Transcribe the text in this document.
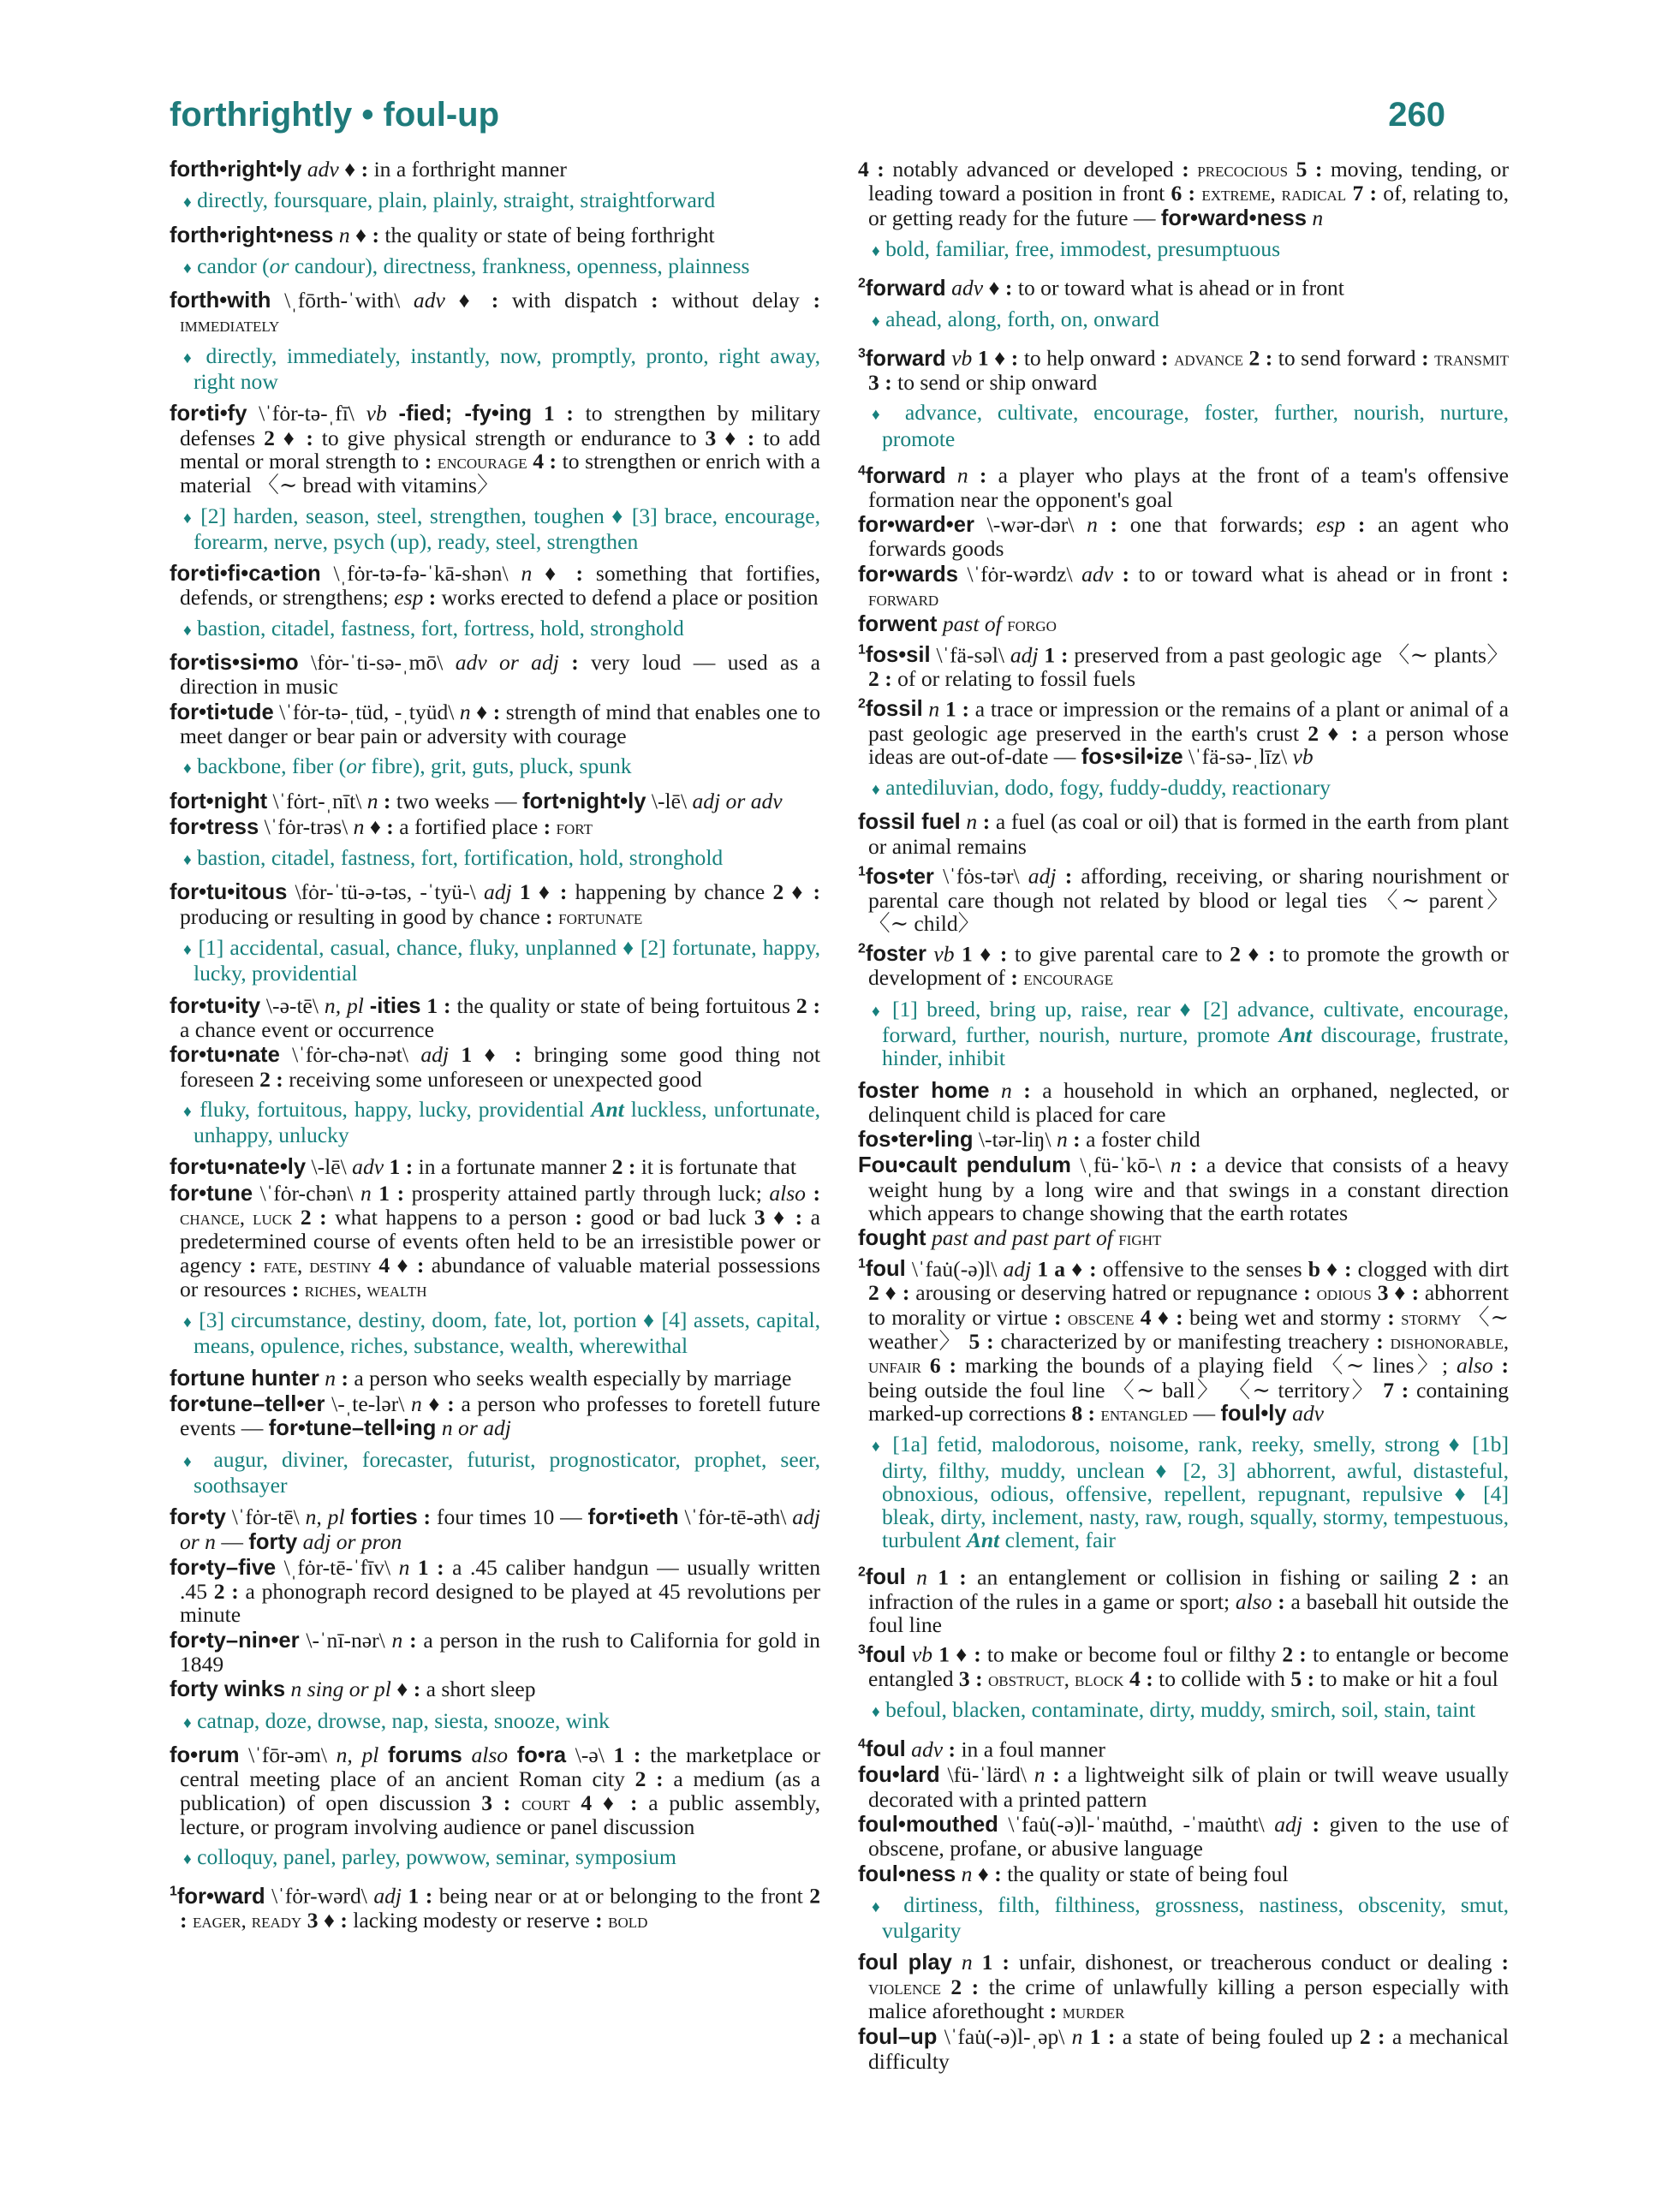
forthrightly • foul-up	260
forth•right•ly adv ♦ : in a forthright manner
♦ directly, foursquare, plain, plainly, straight, straightforward
forth•right•ness n ♦ : the quality or state of being forthright
♦ candor (or candour), directness, frankness, openness, plainness
forth•with \ˌfōrth-ˈwith\ adv ♦ : with dispatch : without delay : immediately
♦ directly, immediately, instantly, now, promptly, pronto, right away, right now
for•ti•fy \ˈfȯr-tə-ˌfī\ vb -fied; -fy•ing 1 : to strengthen by military defenses 2 ♦ : to give physical strength or endurance to 3 ♦ : to add mental or moral strength to : encourage 4 : to strengthen or enrich with a material 〈∼ bread with vitamins〉
♦ [2] harden, season, steel, strengthen, toughen ♦ [3] brace, encourage, forearm, nerve, psych (up), ready, steel, strengthen
for•ti•fi•ca•tion \ˌfȯr-tə-fə-ˈkā-shən\ n ♦ : something that fortifies, defends, or strengthens; esp : works erected to defend a place or position
♦ bastion, citadel, fastness, fort, fortress, hold, stronghold
for•tis•si•mo \fȯr-ˈti-sə-ˌmō\ adv or adj : very loud — used as a direction in music
for•ti•tude \ˈfȯr-tə-ˌtüd, -ˌtyüd\ n ♦ : strength of mind that enables one to meet danger or bear pain or adversity with courage
♦ backbone, fiber (or fibre), grit, guts, pluck, spunk
fort•night \ˈfȯrt-ˌnīt\ n : two weeks — fort•night•ly \-lē\ adj or adv
for•tress \ˈfȯr-trəs\ n ♦ : a fortified place : fort
♦ bastion, citadel, fastness, fort, fortification, hold, stronghold
for•tu•itous \fȯr-ˈtü-ə-təs, -ˈtyü-\ adj 1 ♦ : happening by chance 2 ♦ : producing or resulting in good by chance : fortunate
♦ [1] accidental, casual, chance, fluky, unplanned ♦ [2] fortunate, happy, lucky, providential
for•tu•ity \-ə-tē\ n, pl -ities 1 : the quality or state of being fortuitous 2 : a chance event or occurrence
for•tu•nate \ˈfȯr-chə-nət\ adj 1 ♦ : bringing some good thing not foreseen 2 : receiving some unforeseen or unexpected good
♦ fluky, fortuitous, happy, lucky, providential Ant luckless, unfortunate, unhappy, unlucky
for•tu•nate•ly \-lē\ adv 1 : in a fortunate manner 2 : it is fortunate that
for•tune \ˈfȯr-chən\ n 1 : prosperity attained partly through luck; also : chance, luck 2 : what happens to a person : good or bad luck 3 ♦ : a predetermined course of events often held to be an irresistible power or agency : fate, destiny 4 ♦ : abundance of valuable material possessions or resources : riches, wealth
♦ [3] circumstance, destiny, doom, fate, lot, portion ♦ [4] assets, capital, means, opulence, riches, substance, wealth, wherewithal
fortune hunter n : a person who seeks wealth especially by marriage
for•tune–tell•er \-ˌte-lər\ n ♦ : a person who professes to foretell future events — for•tune–tell•ing n or adj
♦ augur, diviner, forecaster, futurist, prognosticator, prophet, seer, soothsayer
for•ty \ˈfȯr-tē\ n, pl forties : four times 10 — for•ti•eth \ˈfȯr-tē-əth\ adj or n — forty adj or pron
for•ty–five \ˌfȯr-tē-ˈfīv\ n 1 : a .45 caliber handgun — usually written .45 2 : a phonograph record designed to be played at 45 revolutions per minute
for•ty–nin•er \-ˈnī-nər\ n : a person in the rush to California for gold in 1849
forty winks n sing or pl ♦ : a short sleep
♦ catnap, doze, drowse, nap, siesta, snooze, wink
fo•rum \ˈfōr-əm\ n, pl forums also fo•ra \-ə\ 1 : the marketplace or central meeting place of an ancient Roman city 2 : a medium (as a publication) of open discussion 3 : court 4 ♦ : a public assembly, lecture, or program involving audience or panel discussion
♦ colloquy, panel, parley, powwow, seminar, symposium
$^1$for•ward \ˈfȯr-wərd\ adj 1 : being near or at or belonging to the front 2 : eager, ready 3 ♦ : lacking modesty or reserve : bold
4 : notably advanced or developed : precocious 5 : moving, tending, or leading toward a position in front 6 : extreme, radical 7 : of, relating to, or getting ready for the future — for•ward•ness n
♦ bold, familiar, free, immodest, presumptuous
$^2$forward adv ♦ : to or toward what is ahead or in front
♦ ahead, along, forth, on, onward
$^3$forward vb 1 ♦ : to help onward : advance 2 : to send forward : transmit 3 : to send or ship onward
♦ advance, cultivate, encourage, foster, further, nourish, nurture, promote
$^4$forward n : a player who plays at the front of a team's offensive formation near the opponent's goal
for•ward•er \-wər-dər\ n : one that forwards; esp : an agent who forwards goods
for•wards \ˈfȯr-wərdz\ adv : to or toward what is ahead or in front : forward
forwent past of forgo
$^1$fos•sil \ˈfä-səl\ adj 1 : preserved from a past geologic age 〈∼ plants〉 2 : of or relating to fossil fuels
$^2$fossil n 1 : a trace or impression or the remains of a plant or animal of a past geologic age preserved in the earth's crust 2 ♦ : a person whose ideas are out-of-date — fos•sil•ize \ˈfä-sə-ˌlīz\ vb
♦ antediluvian, dodo, fogy, fuddy-duddy, reactionary
fossil fuel n : a fuel (as coal or oil) that is formed in the earth from plant or animal remains
$^1$fos•ter \ˈfȯs-tər\ adj : affording, receiving, or sharing nourishment or parental care though not related by blood or legal ties 〈∼ parent〉 〈∼ child〉
$^2$foster vb 1 ♦ : to give parental care to 2 ♦ : to promote the growth or development of : encourage
♦ [1] breed, bring up, raise, rear ♦ [2] advance, cultivate, encourage, forward, further, nourish, nurture, promote Ant discourage, frustrate, hinder, inhibit
foster home n : a household in which an orphaned, neglected, or delinquent child is placed for care
fos•ter•ling \-tər-liŋ\ n : a foster child
Fou•cault pendulum \ˌfü-ˈkō-\ n : a device that consists of a heavy weight hung by a long wire and that swings in a constant direction which appears to change showing that the earth rotates
fought past and past part of fight
$^1$foul \ˈfau̇(-ə)l\ adj 1 a ♦ : offensive to the senses b ♦ : clogged with dirt 2 ♦ : arousing or deserving hatred or repugnance : odious 3 ♦ : abhorrent to morality or virtue : obscene 4 ♦ : being wet and stormy : stormy 〈∼ weather〉 5 : characterized by or manifesting treachery : dishonorable, unfair 6 : marking the bounds of a playing field 〈∼ lines〉; also : being outside the foul line 〈∼ ball〉 〈∼ territory〉 7 : containing marked-up corrections 8 : entangled — foul•ly adv
♦ [1a] fetid, malodorous, noisome, rank, reeky, smelly, strong ♦ [1b] dirty, filthy, muddy, unclean ♦ [2, 3] abhorrent, awful, distasteful, obnoxious, odious, offensive, repellent, repugnant, repulsive ♦ [4] bleak, dirty, inclement, nasty, raw, rough, squally, stormy, tempestuous, turbulent Ant clement, fair
$^2$foul n 1 : an entanglement or collision in fishing or sailing 2 : an infraction of the rules in a game or sport; also : a baseball hit outside the foul line
$^3$foul vb 1 ♦ : to make or become foul or filthy 2 : to entangle or become entangled 3 : obstruct, block 4 : to collide with 5 : to make or hit a foul
♦ befoul, blacken, contaminate, dirty, muddy, smirch, soil, stain, taint
$^4$foul adv : in a foul manner
fou•lard \fü-ˈlärd\ n : a lightweight silk of plain or twill weave usually decorated with a printed pattern
foul•mouthed \ˈfau̇(-ə)l-ˈmau̇thd, -ˈmau̇tht\ adj : given to the use of obscene, profane, or abusive language
foul•ness n ♦ : the quality or state of being foul
♦ dirtiness, filth, filthiness, grossness, nastiness, obscenity, smut, vulgarity
foul play n 1 : unfair, dishonest, or treacherous conduct or dealing : violence 2 : the crime of unlawfully killing a person especially with malice aforethought : murder
foul–up \ˈfau̇(-ə)l-ˌəp\ n 1 : a state of being fouled up 2 : a mechanical difficulty
